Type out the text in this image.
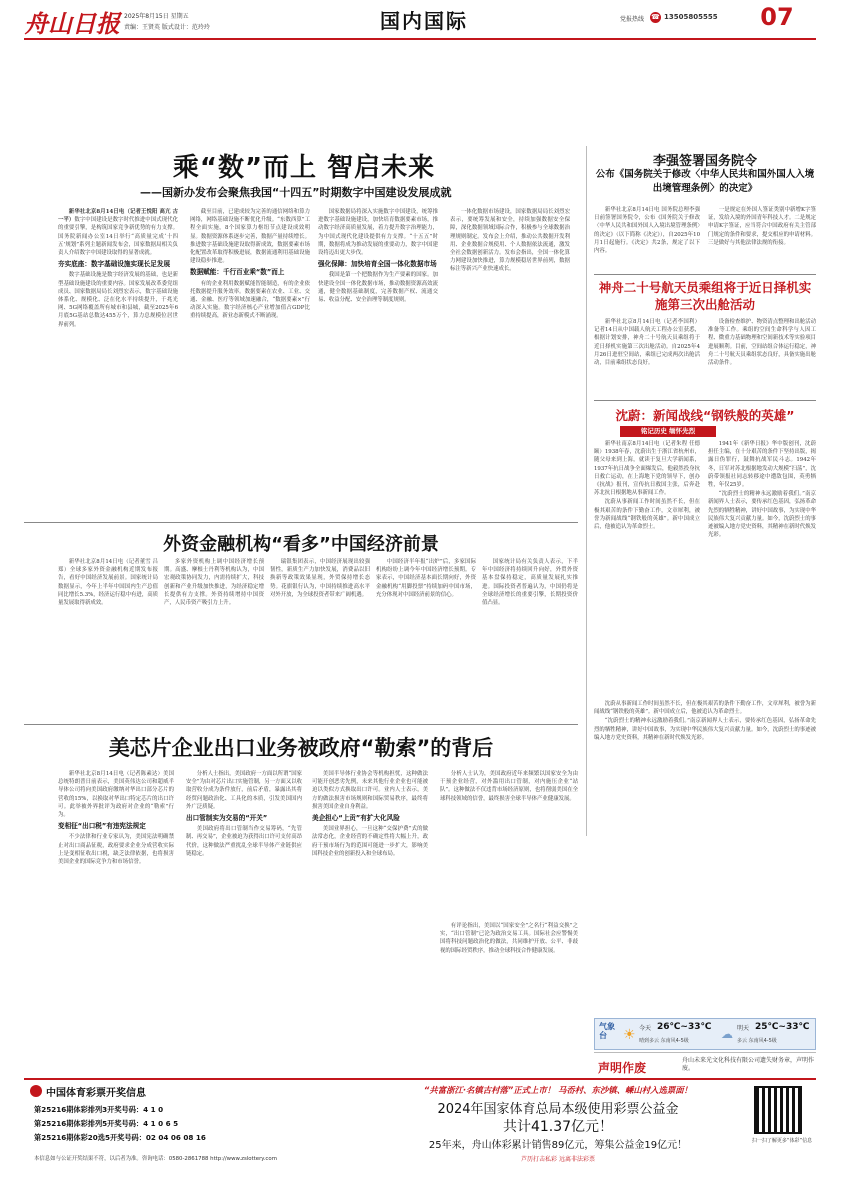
舟山日报 2025年8月15日 星期五
责编：王贤英 版式设计：范玲玲	国内国际	党报热线 ☎ 13505805555	07
乘“数”而上 智启未来
——国新办发布会聚焦我国“十四五”时期数字中国建设发展成就

新华社北京8月14日电（记者王悦阳 高亢 古一平）数字中国建设是数字时代推进中国式现代化的重要引擎，是构筑国家竞争新优势的有力支撑。国务院新闻办公室14日举行“高质量完成‘十四五’规划”系列主题新闻发布会，国家数据局相关负责人介绍数字中国建设取得的显著成就。

夯实底座：数字基础设施实现长足发展

数字基础设施是数字经济发展的基础，也是新型基础设施建设的重要内容。国家发展改革委党组成员、国家数据局局长刘烈宏表示，数字基础设施体系化、规模化、泛在化水平持续提升，千兆光网、5G网络覆盖所有城市和县城，截至2025年6月底5G基站总数达455万个，算力总规模位居世界前列。

截至目前，已建成较为完善的通信网络和算力网络，网络基础设施不断优化升级。“东数西算”工程全面实施，8个国家算力枢纽节点建设成效明显。数据资源体系逐步完善，数据产量持续增长。推进数字基础设施建设取得新成效，数据要素市场化配置改革取得积极进展，数据流通利用基础设施建设稳步推进。

数据赋能：千行百业乘“数”而上

有的企业利用数据赋能智能制造，有的企业依托数据提升服务效率。数据要素在农业、工业、交通、金融、医疗等领域加速融合，“数据要素×”行动深入实施。数字经济核心产业增加值占GDP比重持续提高，新业态新模式不断涌现。

国家数据局将深入实施数字中国建设，统筹推进数字基础设施建设，加快培育数据要素市场，推动数字经济高质量发展，着力提升数字治理能力，为中国式现代化建设提供有力支撑。“十五五”时期，数据将成为推动发展的重要动力，数字中国建设将迈出更大步伐。

强化保障：加快培育全国一体化数据市场

我国是第一个把数据作为生产要素的国家。加快建设全国一体化数据市场，推动数据资源高效流通，健全数据基础制度，完善数据产权、流通交易、收益分配、安全治理等制度规则。

一体化数据市场建设，国家数据局局长刘烈宏表示，要统筹发展和安全，持续加强数据安全保障，深化数据领域国际合作，积极参与全球数据治理规则制定。发布会上介绍，推动公共数据开发利用、企业数据合规使用、个人数据依法流通，激发全社会数据创新活力。发布会指出，全国一体化算力网建设加快推进，算力规模稳居世界前列，数据标注等新兴产业快速成长。

李强签署国务院令
公布《国务院关于修改〈中华人民共和国外国人入境出境管理条例〉的决定》

新华社北京8月14日电 国务院总理李强日前签署国务院令，公布《国务院关于修改〈中华人民共和国外国人入境出境管理条例〉的决定》（以下简称《决定》），自2025年10月1日起施行。《决定》共2条，规定了以下内容。

一是规定在外国人签证类别中新增K字签证，发给入境的外国青年科技人才。二是规定申请K字签证，应当符合中国政府有关主管部门规定的条件和要求，提交相应的申请材料。三是做好与其他法律法规的衔接。

神舟二十号航天员乘组将于近日择机实施第三次出舱活动

新华社北京8月14日电（记者李国利）记者14日从中国载人航天工程办公室获悉，根据计划安排，神舟二十号航天员乘组将于近日择机实施第三次出舱活动。自2025年4月26日进驻空间站，乘组已完成两次出舱活动，目前乘组状态良好。

设备检查维护、物资清点整理和出舱活动准备等工作。乘组的空间生命科学与人因工程、微重力基础物理和空间新技术等实验项目进展顺利。目前，空间站组合体运行稳定，神舟二十号航天员乘组状态良好，具备实施出舱活动条件。

沈蔚：新闻战线“钢铁般的英雄”
铭记历史 缅怀先烈

新华社南京8月14日电（记者朱程 任德颐）1938年春，沈蔚出生于浙江省杭州市，随父母来到上海，就读于复旦大学新闻系，1937年抗日战争全面爆发后，他毅然投身抗日救亡运动，在上海地下党的领导下，创办《抗战》报刊，宣传抗日救国主张，后奔赴苏北抗日根据地从事新闻工作。

沈蔚从事新闻工作时间虽然不长，但在极其艰苦的条件下勤奋工作，文章犀利，被誉为新闻战线“钢铁般的英雄”。新中国成立后，他被追认为革命烈士。

1941年《新华日报》华中版创刊，沈蔚担任主编，在十分艰苦的条件下坚持出版，揭露日伪罪行，鼓舞抗战军民斗志。1942年冬，日军对苏北根据地发动大规模“扫荡”，沈蔚带领报社同志转移途中遭敌包围，英勇牺牲，年仅25岁。

“沈蔚烈士的精神永远激励着我们。”南京新闻界人士表示，要传承红色基因，弘扬革命先烈的牺牲精神，讲好中国故事，为实现中华民族伟大复兴贡献力量。如今，沈蔚烈士的事迹被编入地方党史资料，其精神在新时代焕发光彩。

外资金融机构“看多”中国经济前景

新华社北京8月14日电（记者董雪 吕郑）全球多家外资金融机构近期发布报告，看好中国经济发展前景。国家统计局数据显示，今年上半年中国国内生产总值同比增长5.3%，经济运行稳中有进，高质量发展取得新成效。

多家外资机构上调中国经济增长预期。高盛、摩根士丹利等机构认为，中国宏观政策协同发力，内需持续扩大，科技创新和产业升级加快推进，为经济稳定增长提供有力支撑。外资持续增持中国资产，人民币资产吸引力上升。

瑞银集团表示，中国经济展现出较强韧性，新质生产力加快发展，消费品以旧换新等政策效果显现，外贸保持增长态势。花旗银行认为，中国持续推进高水平对外开放，为全球投资者带来广阔机遇。

中国经济半年报“出炉”后，多家国际机构纷纷上调今年中国经济增长预期。专家表示，中国经济基本面长期向好，外资金融机构“用脚投票”持续加码中国市场，充分体现对中国经济前景的信心。

国家统计局有关负责人表示，下半年中国经济将持续回升向好，外贸外资基本盘保持稳定，高质量发展扎实推进。国际投资者普遍认为，中国仍将是全球经济增长的重要引擎，长期投资价值凸显。

美芯片企业出口业务被政府“勒索”的背后

新华社北京8月14日电（记者陈素达）美国总统特朗普日前表示，美国英伟达公司和超威半导体公司将向美国政府缴纳对华出口部分芯片的营收的15%，以换取对华出口特定芯片的出口许可。此举被外界批评为政府对企业的“勒索”行为。

变相征“出口税”有违宪法规定

不少法律和行业专家认为，美国宪法明确禁止对出口商品征税，政府要求企业分成营收实际上是变相征收出口税，缺乏法律依据，也将损害美国企业的国际竞争力和市场信誉。

分析人士指出，美国政府一方面以所谓“国家安全”为由对芯片出口实施管制，另一方面又以收取营收分成为条件放行，前后矛盾，暴露出其将经贸问题政治化、工具化的本质，引发美国国内外广泛质疑。

出口管制实为交易的“开关”

美国政府将出口管制当作交易筹码，“先管制、再交易”，企业被迫为获得出口许可支付高昂代价，这种做法严重扰乱全球半导体产业链供应链稳定。

美国半导体行业协会等机构担忧，这种做法可能开创恶劣先例，未来其他行业企业也可能被迫以类似方式换取出口许可。业内人士表示，美方的做法损害市场规则和国际贸易秩序，最终将损害美国企业自身利益。

美企担心“上贡”有扩大化风险

美国业界担心，一旦这种“交保护费”式的做法常态化，企业经营的不确定性将大幅上升，政府干预市场行为的范围可能进一步扩大，影响美国科技企业的创新投入和全球布局。

分析人士认为，美国政府近年来频繁以国家安全为由干预企业经营，对外滥用出口管制，对内施压企业“站队”。这种做法不仅违背市场经济原则，也将削弱美国在全球科技领域的信誉，最终损害全球半导体产业健康发展。

有评论指出，美国以“国家安全”之名行“利益交换”之实，“出口管制”已沦为政治交易工具。国际社会应警惕美国将科技问题政治化的做法，共同维护开放、公平、非歧视的国际经贸秩序，推动全球科技合作健康发展。

沈蔚从事新闻工作时间虽然不长，但在极其艰苦的条件下勤奋工作，文章犀利，被誉为新闻战线“钢铁般的英雄”。新中国成立后，他被追认为革命烈士。

“沈蔚烈士的精神永远激励着我们。”南京新闻界人士表示，要传承红色基因，弘扬革命先烈的牺牲精神，讲好中国故事，为实现中华民族伟大复兴贡献力量。如今，沈蔚烈士的事迹被编入地方党史资料，其精神在新时代焕发光彩。

气象台	☀ 今天 26℃~33℃
晴到多云 东南风4-5级	☁ 明天 25℃~33℃
多云 东南风4-5级
声明作废
舟山未来光文化科技有限公司遗失财务章，声明作废。
中国体育彩票开奖信息
第25216期体彩排列3开奖号码：4 1 0
第25216期体彩排列5开奖号码：4 1 0 6 5
第25216期体彩20选5开奖号码：02 04 06 08 16
本信息如与公证开奖结果不符，以后者为准。咨询电话：0580-2861788 http://www.zslottery.com
“共富浙江·名镇古村落”正式上市！ 马岙村、东沙镇、嵊山村入选票面！
2024年国家体育总局本级使用彩票公益金
共计41.37亿元！
25年来，舟山体彩累计销售89亿元，筹集公益金19亿元！
芦历打击私彩 远离非法彩票
扫一扫了解更多“体彩”信息
